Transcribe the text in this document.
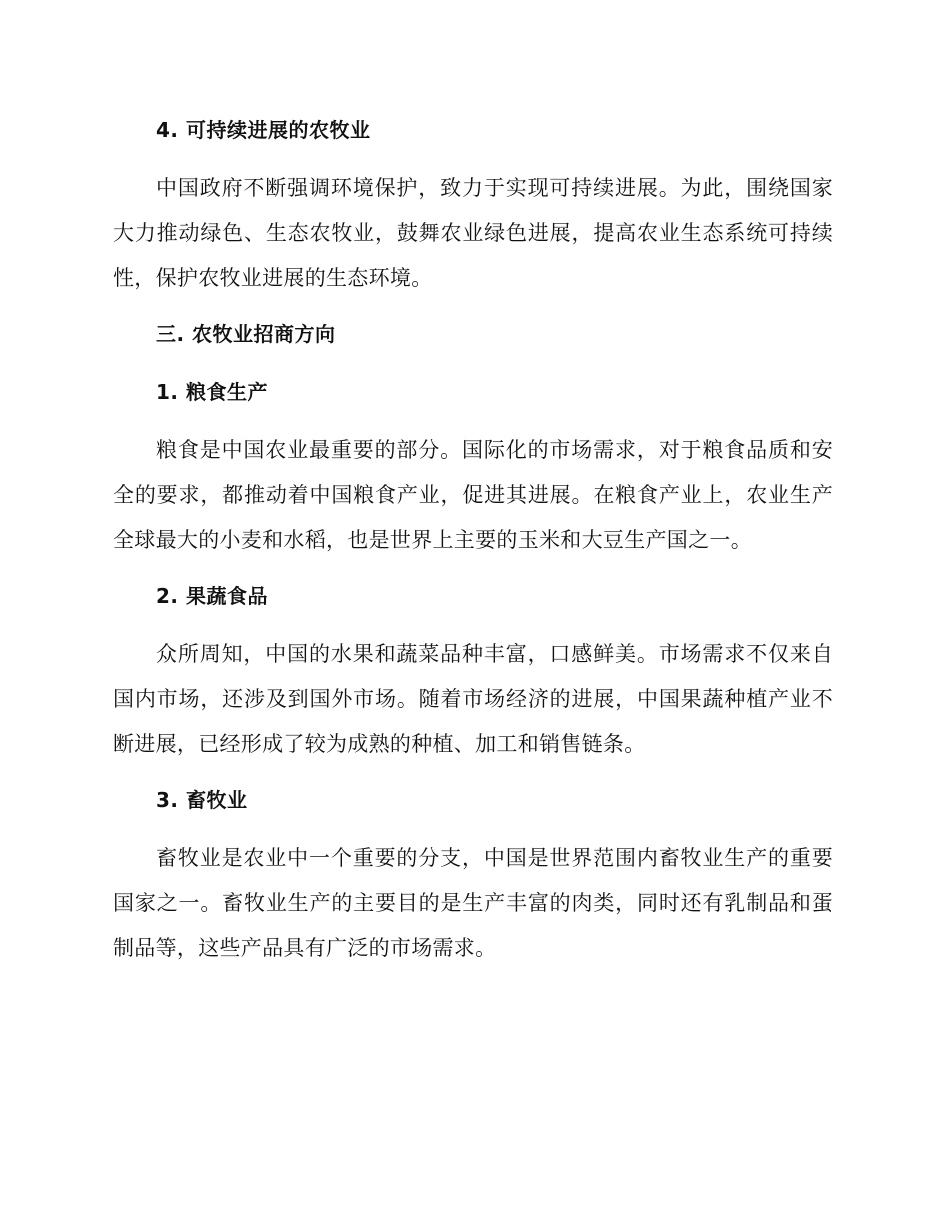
4. 可持续进展的农牧业

中国政府不断强调环境保护，致力于实现可持续进展。为此，围绕国家大力推动绿色、生态农牧业，鼓舞农业绿色进展，提高农业生态系统可持续性，保护农牧业进展的生态环境。

三. 农牧业招商方向
1. 粮食生产

粮食是中国农业最重要的部分。国际化的市场需求，对于粮食品质和安全的要求，都推动着中国粮食产业，促进其进展。在粮食产业上，农业生产全球最大的小麦和水稻，也是世界上主要的玉米和大豆生产国之一。

2. 果蔬食品

众所周知，中国的水果和蔬菜品种丰富，口感鲜美。市场需求不仅来自国内市场，还涉及到国外市场。随着市场经济的进展，中国果蔬种植产业不断进展，已经形成了较为成熟的种植、加工和销售链条。

3. 畜牧业

畜牧业是农业中一个重要的分支，中国是世界范围内畜牧业生产的重要国家之一。畜牧业生产的主要目的是生产丰富的肉类，同时还有乳制品和蛋制品等，这些产品具有广泛的市场需求。
